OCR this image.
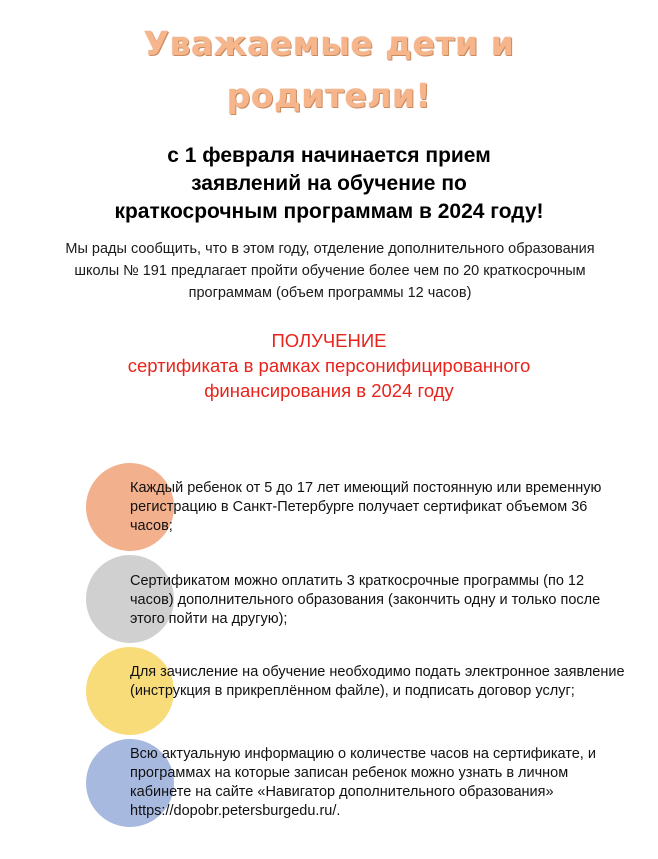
Уважаемые дети и
родители!
с 1 февраля начинается прием
заявлений на обучение по
краткосрочным программам в 2024 году!
Мы рады сообщить, что в этом году, отделение дополнительного образования школы № 191 предлагает пройти обучение более чем по 20 краткосрочным программам (объем программы 12 часов)
ПОЛУЧЕНИЕ
сертификата в рамках персонифицированного
финансирования в 2024 году
Каждый ребенок от 5 до 17 лет имеющий постоянную или временную регистрацию в Санкт-Петербурге получает сертификат объемом 36 часов;
Сертификатом можно оплатить 3 краткосрочные программы (по 12 часов) дополнительного образования (закончить одну и только после этого пойти на другую);
Для зачисление на обучение необходимо подать электронное заявление (инструкция в прикреплённом файле), и подписать договор услуг;
Всю актуальную информацию о количестве часов на сертификате, и программах на которые записан ребенок можно узнать в личном кабинете на сайте «Навигатор дополнительного образования» https://dopobr.petersburgedu.ru/.
